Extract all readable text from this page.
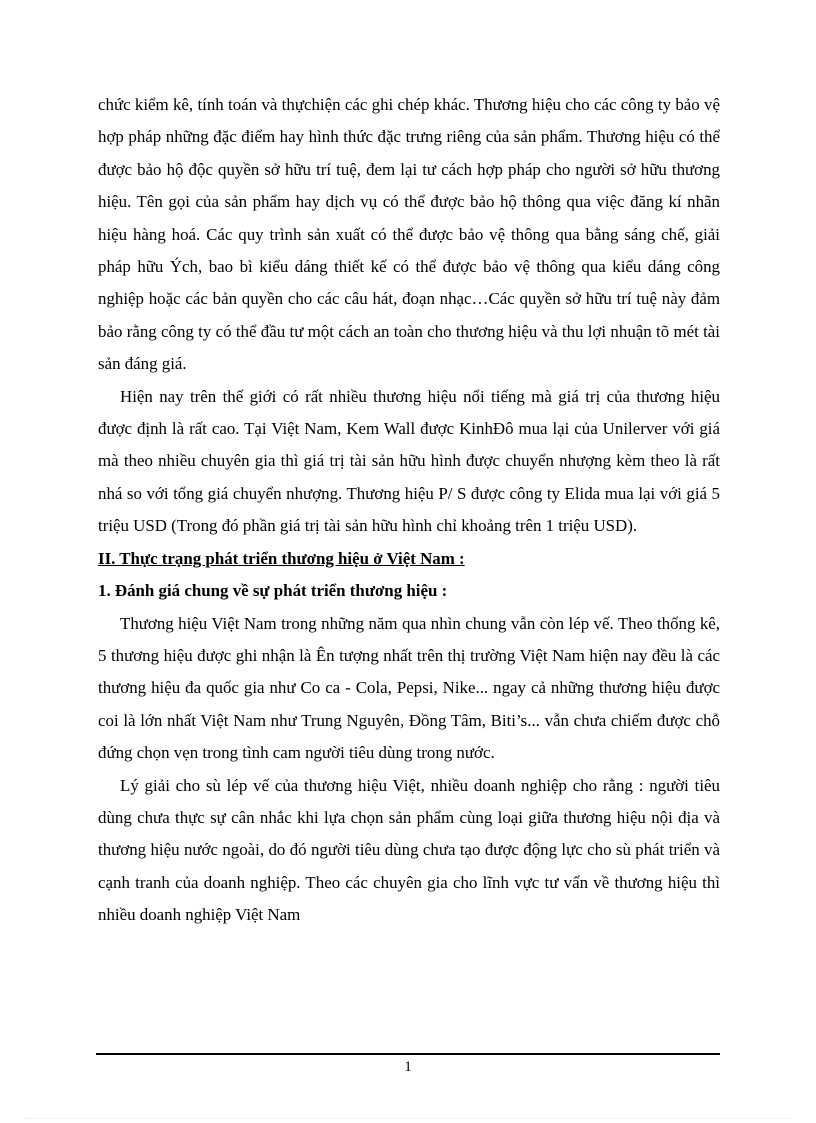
chức kiểm kê, tính toán và thựchiện các ghi chép khác. Thương hiệu cho các công ty bảo vệ hợp pháp những đặc điểm hay hình thức đặc trưng riêng của sản phẩm. Thương hiệu có thể được bảo hộ độc quyền sở hữu trí tuệ, đem lại tư cách hợp pháp cho người sở hữu thương hiệu. Tên gọi của sản phẩm hay dịch vụ có thể được bảo hộ thông qua việc đăng kí nhãn hiệu hàng hoá. Các quy trình sản xuất có thể được bảo vệ thông qua bằng sáng chế, giải pháp hữu Ých, bao bì kiểu dáng thiết kế có thể được bảo vệ thông qua kiểu dáng công nghiệp hoặc các bản quyền cho các câu hát, đoạn nhạc…Các quyền sở hữu trí tuệ này đảm bảo rằng công ty có thể đầu tư một cách an toàn cho thương hiệu và thu lợi nhuận tõ mét tài sản đáng giá.

Hiện nay trên thế giới có rất nhiều thương hiệu nổi tiếng mà giá trị của thương hiệu được định là rất cao. Tại Việt Nam, Kem Wall được KinhĐô mua lại của Unilerver với giá mà theo nhiều chuyên gia thì giá trị tài sản hữu hình được chuyển nhượng kèm theo là rất nhá so với tổng giá chuyển nhượng. Thương hiệu P/ S được công ty Elida mua lại với giá 5 triệu USD (Trong đó phần giá trị tài sản hữu hình chỉ khoảng trên 1 triệu USD).

II. Thực trạng phát triển thương hiệu ở Việt Nam :

1. Đánh giá chung về sự phát triển thương hiệu :

Thương hiệu Việt Nam trong những năm qua nhìn chung vẫn còn lép vế. Theo thống kê, 5 thương hiệu được ghi nhận là Ên tượng nhất trên thị trường Việt Nam hiện nay đều là các thương hiệu đa quốc gia như Co ca - Cola, Pepsi, Nike... ngay cả những thương hiệu được coi là lớn nhất Việt Nam như Trung Nguyên, Đồng Tâm, Biti’s... vẫn chưa chiếm được chỗ đứng chọn vẹn trong tình cam người tiêu dùng trong nước.

Lý giải cho sù lép vế của thương hiệu Việt, nhiều doanh nghiệp cho rằng : người tiêu dùng chưa thực sự cân nhắc khi lựa chọn sản phẩm cùng loại giữa thương hiệu nội địa và thương hiệu nước ngoài, do đó người tiêu dùng chưa tạo được động lực cho sù phát triển và cạnh tranh của doanh nghiệp. Theo các chuyên gia cho lĩnh vực tư vấn về thương hiệu thì nhiều doanh nghiệp Việt Nam

1
